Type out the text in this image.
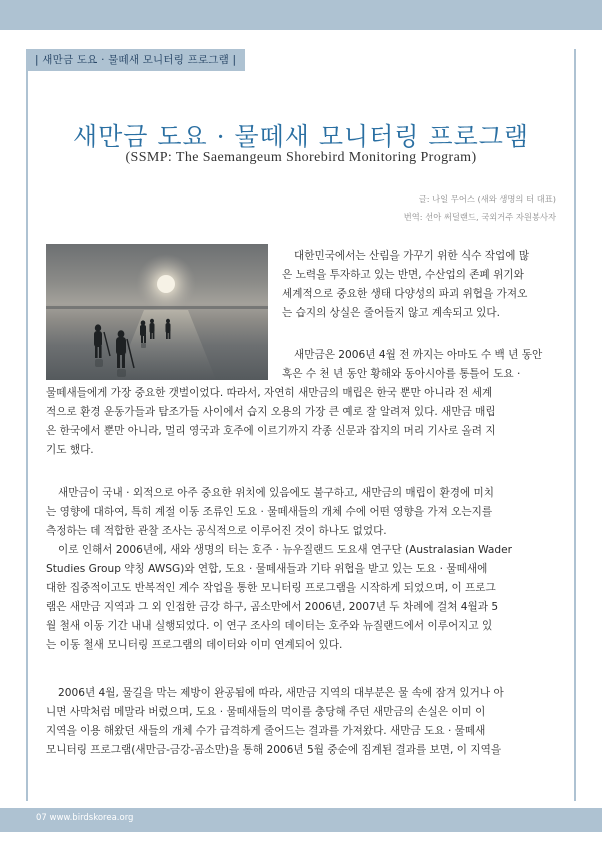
| 새만금 도요 · 물떼새 모니터링 프로그램 |
새만금 도요 · 물떼새 모니터링 프로그램
(SSMP: The Saemangeum Shorebird Monitoring Program)
글: 나일 무어스 (새와 생명의 터 대표)
번역: 선아 써덜랜드, 국외거주 자원봉사자

대한민국에서는 산림을 가꾸기 위한 식수 작업에 많
은 노력을 투자하고 있는 반면, 수산업의 존폐 위기와
세계적으로 중요한 생태 다양성의 파괴 위협을 가져오
는 습지의 상실은 줄어들지 않고 계속되고 있다.

새만금은 2006년 4월 전 까지는 아마도 수 백 년 동안
혹은 수 천 년 동안 황해와 동아시아를 통틀어 도요 ·

물떼새들에게 가장 중요한 갯벌이었다. 따라서, 자연히 새만금의 매립은 한국 뿐만 아니라 전 세계
적으로 환경 운동가들과 탐조가들 사이에서 습지 오용의 가장 큰 예로 잘 알려져 있다. 새만금 매립
은 한국에서 뿐만 아니라, 멀리 영국과 호주에 이르기까지 각종 신문과 잡지의 머리 기사로 올려 지
기도 했다.

새만금이 국내 · 외적으로 아주 중요한 위치에 있음에도 불구하고, 새만금의 매립이 환경에 미치
는 영향에 대하여, 특히 계절 이동 조류인 도요 · 물떼새들의 개체 수에 어떤 영향을 가져 오는지를
측정하는 데 적합한 관찰 조사는 공식적으로 이루어진 것이 하나도 없었다.

이로 인해서 2006년에, 새와 생명의 터는 호주 · 뉴우질랜드 도요새 연구단 (Australasian Wader
Studies Group 약칭 AWSG)와 연합, 도요 · 물떼새들과 기타 위협을 받고 있는 도요 · 물떼새에
대한 집중적이고도 반복적인 계수 작업을 통한 모니터링 프로그램을 시작하게 되었으며, 이 프로그
램은 새만금 지역과 그 외 인접한 금강 하구, 곰소만에서 2006년, 2007년 두 차례에 걸쳐 4월과 5
월 철새 이동 기간 내내 실행되었다. 이 연구 조사의 데이터는 호주와 뉴질랜드에서 이루어지고 있
는 이동 철새 모니터링 프로그램의 데이터와 이미 연계되어 있다.

2006년 4월, 물길을 막는 제방이 완공됨에 따라, 새만금 지역의 대부분은 물 속에 잠겨 있거나 아
니면 사막처럼 메말라 버렸으며, 도요 · 물떼새들의 먹이를 충당해 주던 새만금의 손실은 이미 이
지역을 이용 해왔던 새들의 개체 수가 급격하게 줄어드는 결과를 가져왔다. 새만금 도요 · 물떼새
모니터링 프로그램(새만금-금강-곰소만)을 통해 2006년 5월 중순에 집계된 결과를 보면, 이 지역을

07 www.birdskorea.org
